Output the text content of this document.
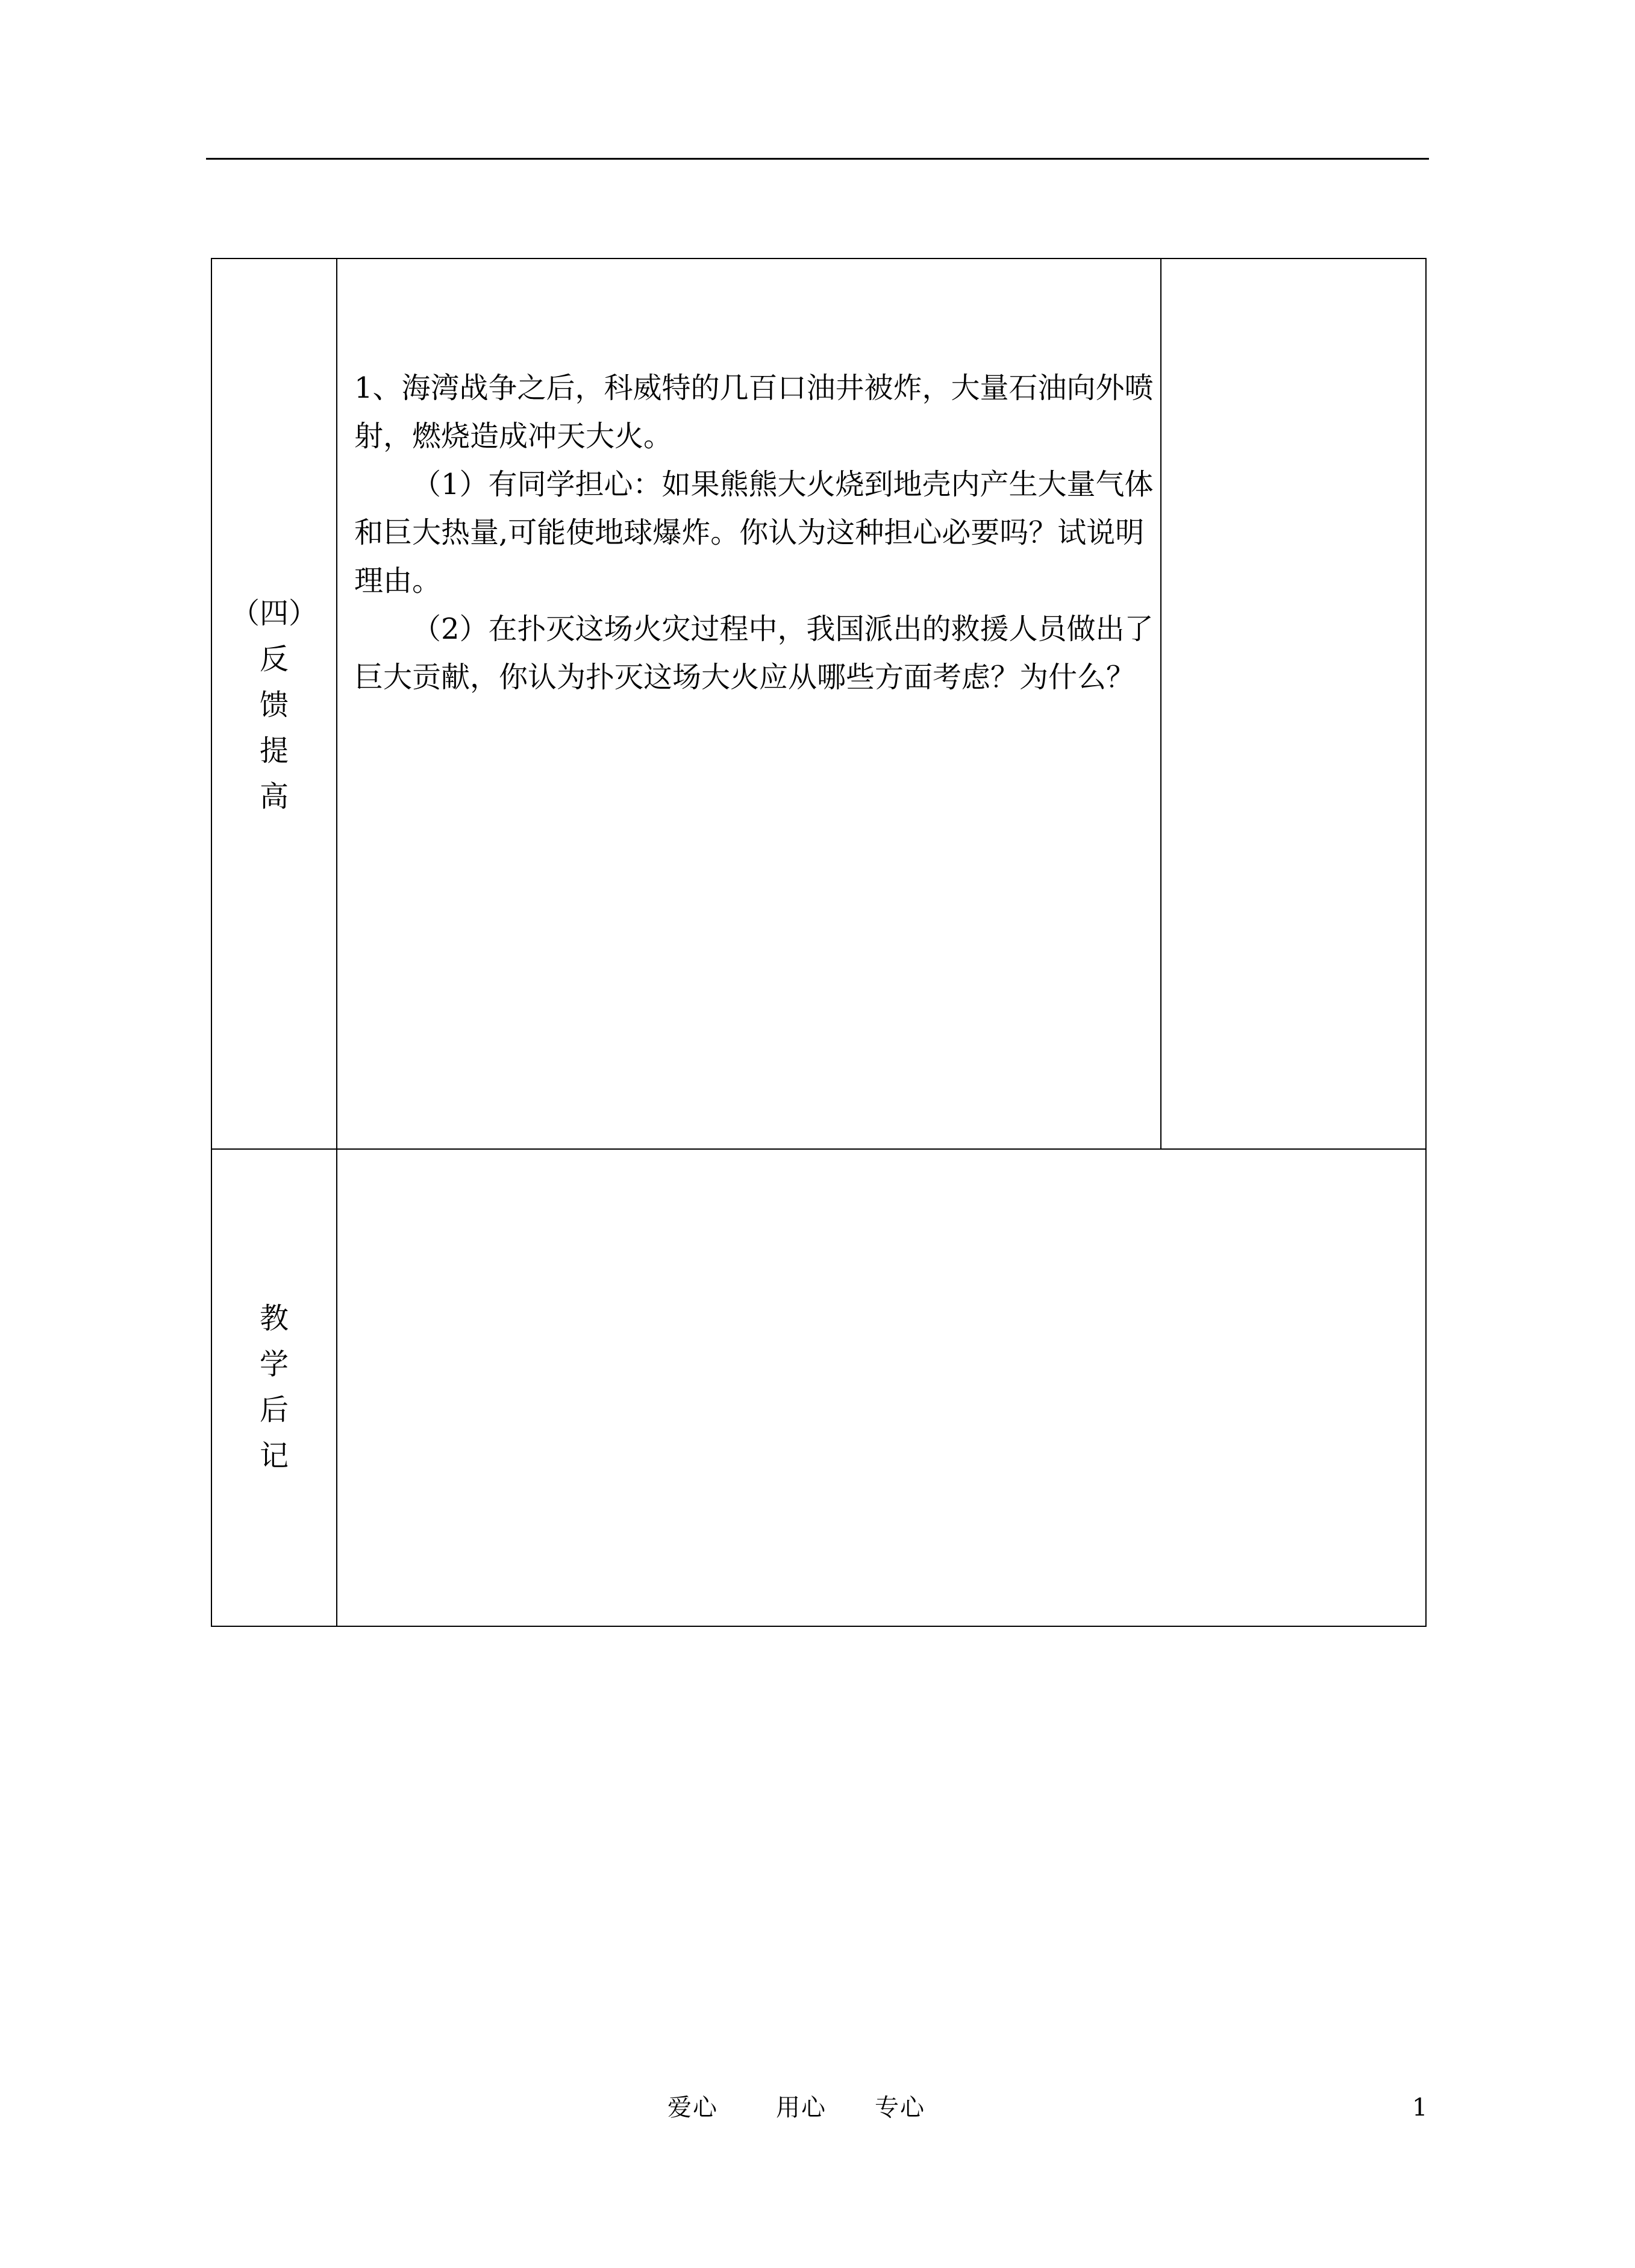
（四）
反
馈
提
高

1、海湾战争之后，科威特的几百口油井被炸，大量石油向外喷射，燃烧造成冲天大火。

（1）有同学担心：如果熊熊大火烧到地壳内产生大量气体和巨大热量,可能使地球爆炸。你认为这种担心必要吗？试说明理由。

（2）在扑灭这场火灾过程中，我国派出的救援人员做出了巨大贡献，你认为扑灭这场大火应从哪些方面考虑？为什么？

教
学
后
记
爱心 用心 专心	1
